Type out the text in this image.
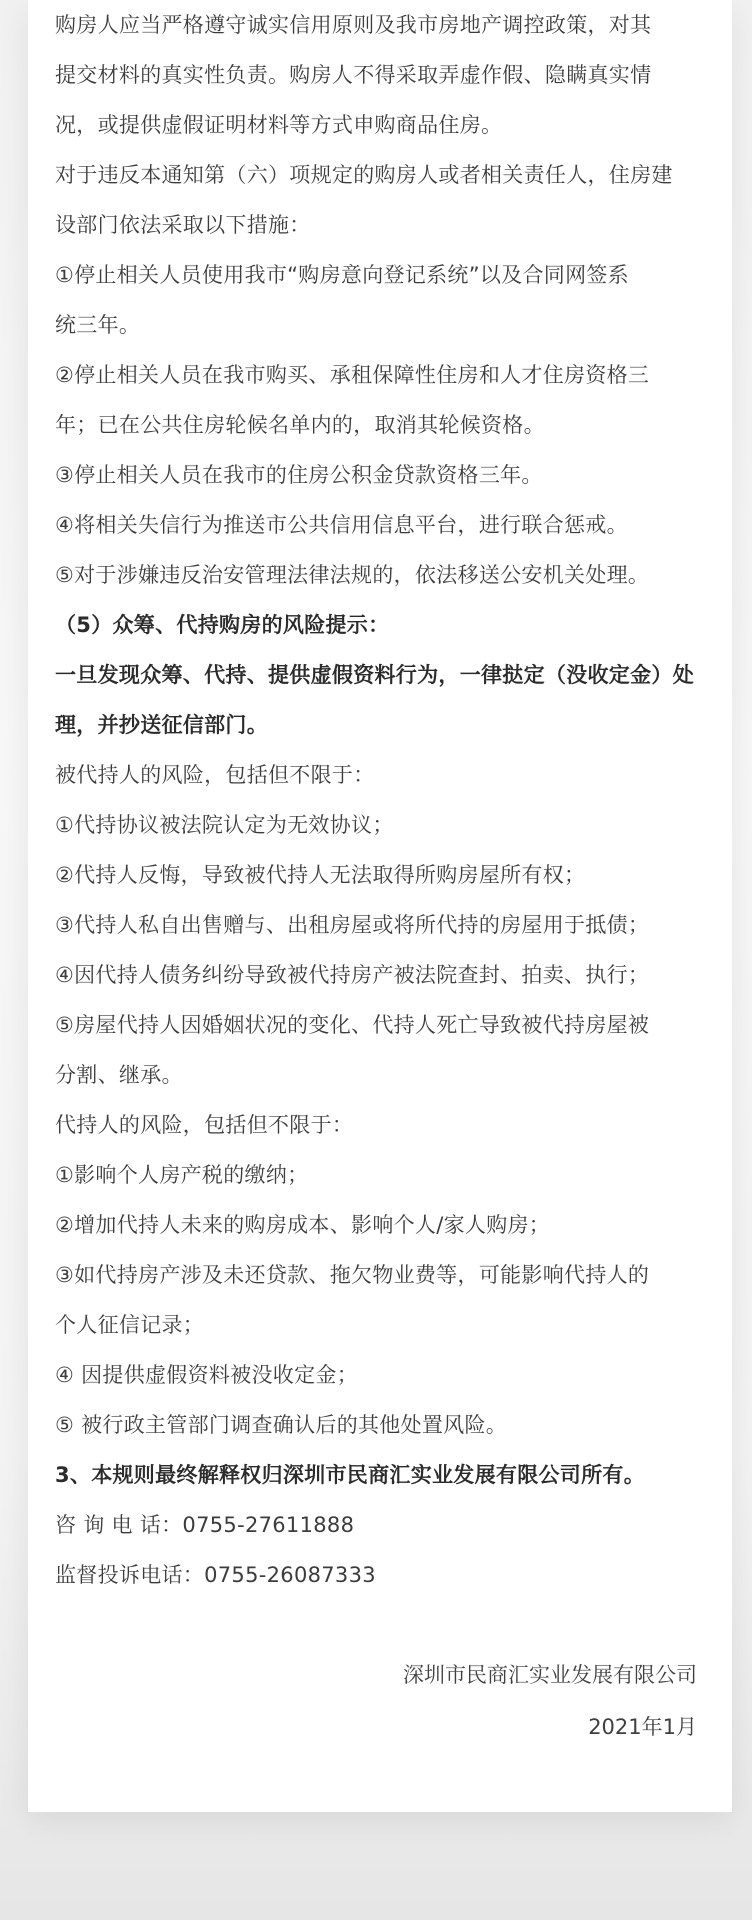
购房人应当严格遵守诚实信用原则及我市房地产调控政策，对其
提交材料的真实性负责。购房人不得采取弄虚作假、隐瞒真实情
况，或提供虚假证明材料等方式申购商品住房。
对于违反本通知第（六）项规定的购房人或者相关责任人，住房建
设部门依法采取以下措施：
①停止相关人员使用我市“购房意向登记系统”以及合同网签系
统三年。
②停止相关人员在我市购买、承租保障性住房和人才住房资格三
年；已在公共住房轮候名单内的，取消其轮候资格。
③停止相关人员在我市的住房公积金贷款资格三年。
④将相关失信行为推送市公共信用信息平台，进行联合惩戒。
⑤对于涉嫌违反治安管理法律法规的，依法移送公安机关处理。
（5）众筹、代持购房的风险提示：
一旦发现众筹、代持、提供虚假资料行为，一律挞定（没收定金）处
理，并抄送征信部门。
被代持人的风险，包括但不限于：
①代持协议被法院认定为无效协议；
②代持人反悔，导致被代持人无法取得所购房屋所有权；
③代持人私自出售赠与、出租房屋或将所代持的房屋用于抵债；
④因代持人债务纠纷导致被代持房产被法院查封、拍卖、执行；
⑤房屋代持人因婚姻状况的变化、代持人死亡导致被代持房屋被
分割、继承。
代持人的风险，包括但不限于：
①影响个人房产税的缴纳；
②增加代持人未来的购房成本、影响个人/家人购房；
③如代持房产涉及未还贷款、拖欠物业费等，可能影响代持人的
个人征信记录；
④ 因提供虚假资料被没收定金；
⑤ 被行政主管部门调查确认后的其他处置风险。
3、本规则最终解释权归深圳市民商汇实业发展有限公司所有。
咨 询 电 话：0755-27611888
监督投诉电话：0755-26087333
深圳市民商汇实业发展有限公司
2021年1月
